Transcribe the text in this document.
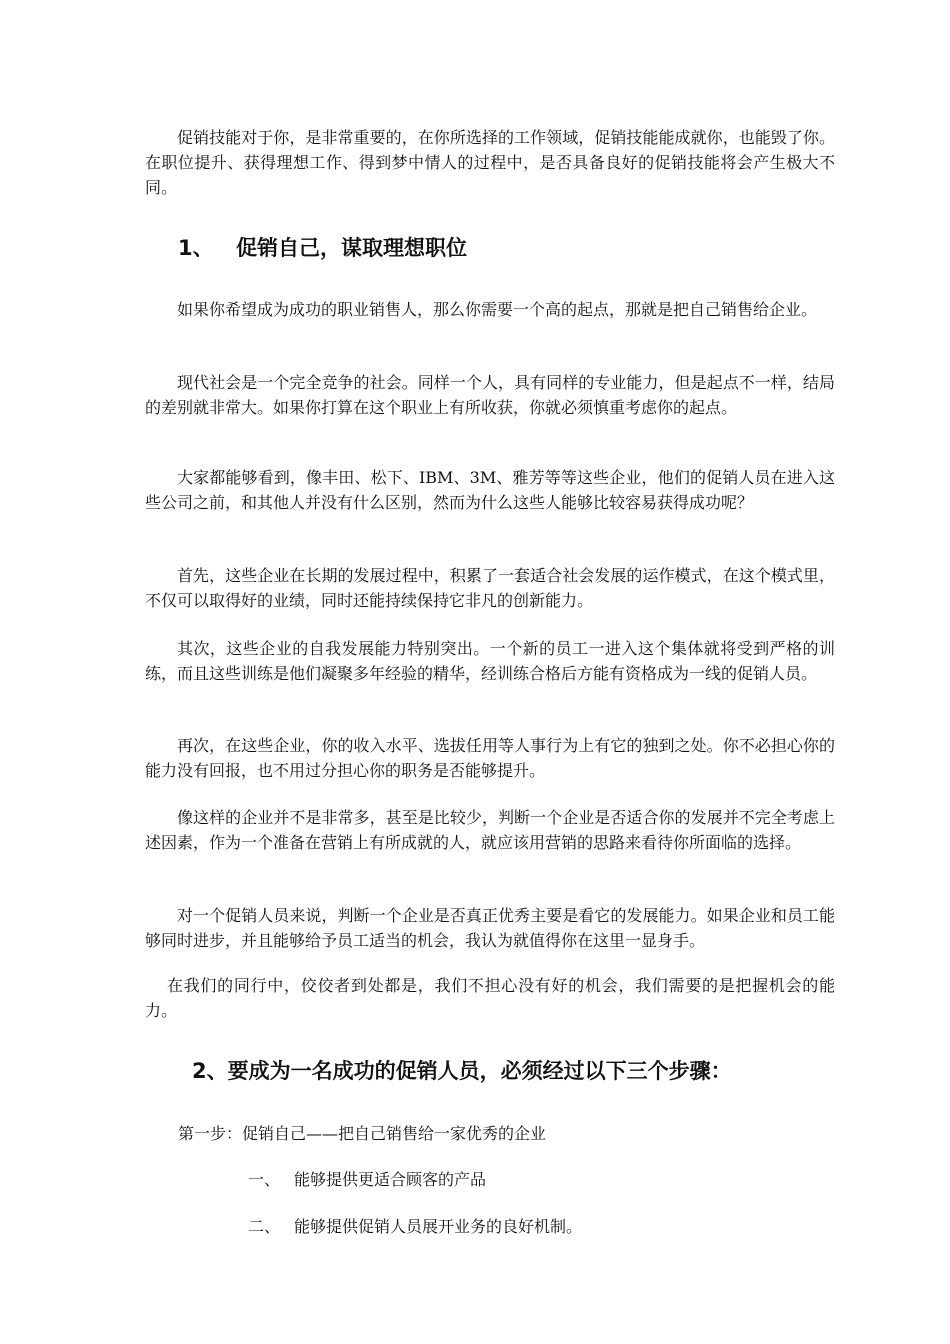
促销技能对于你，是非常重要的，在你所选择的工作领域，促销技能能成就你，也能毁了你。在职位提升、获得理想工作、得到梦中情人的过程中，是否具备良好的促销技能将会产生极大不同。

1、 促销自己，谋取理想职位

如果你希望成为成功的职业销售人，那么你需要一个高的起点，那就是把自己销售给企业。

现代社会是一个完全竞争的社会。同样一个人，具有同样的专业能力，但是起点不一样，结局的差别就非常大。如果你打算在这个职业上有所收获，你就必须慎重考虑你的起点。

大家都能够看到，像丰田、松下、IBM、3M、雅芳等等这些企业，他们的促销人员在进入这些公司之前，和其他人并没有什么区别，然而为什么这些人能够比较容易获得成功呢？

首先，这些企业在长期的发展过程中，积累了一套适合社会发展的运作模式，在这个模式里，不仅可以取得好的业绩，同时还能持续保持它非凡的创新能力。

其次，这些企业的自我发展能力特别突出。一个新的员工一进入这个集体就将受到严格的训练，而且这些训练是他们凝聚多年经验的精华，经训练合格后方能有资格成为一线的促销人员。

再次，在这些企业，你的收入水平、选拔任用等人事行为上有它的独到之处。你不必担心你的能力没有回报，也不用过分担心你的职务是否能够提升。

像这样的企业并不是非常多，甚至是比较少，判断一个企业是否适合你的发展并不完全考虑上述因素，作为一个准备在营销上有所成就的人，就应该用营销的思路来看待你所面临的选择。

对一个促销人员来说，判断一个企业是否真正优秀主要是看它的发展能力。如果企业和员工能够同时进步，并且能够给予员工适当的机会，我认为就值得你在这里一显身手。

在我们的同行中，佼佼者到处都是，我们不担心没有好的机会，我们需要的是把握机会的能力。

2、要成为一名成功的促销人员，必须经过以下三个步骤：

第一步：促销自己——把自己销售给一家优秀的企业

一、 能够提供更适合顾客的产品

二、 能够提供促销人员展开业务的良好机制。
